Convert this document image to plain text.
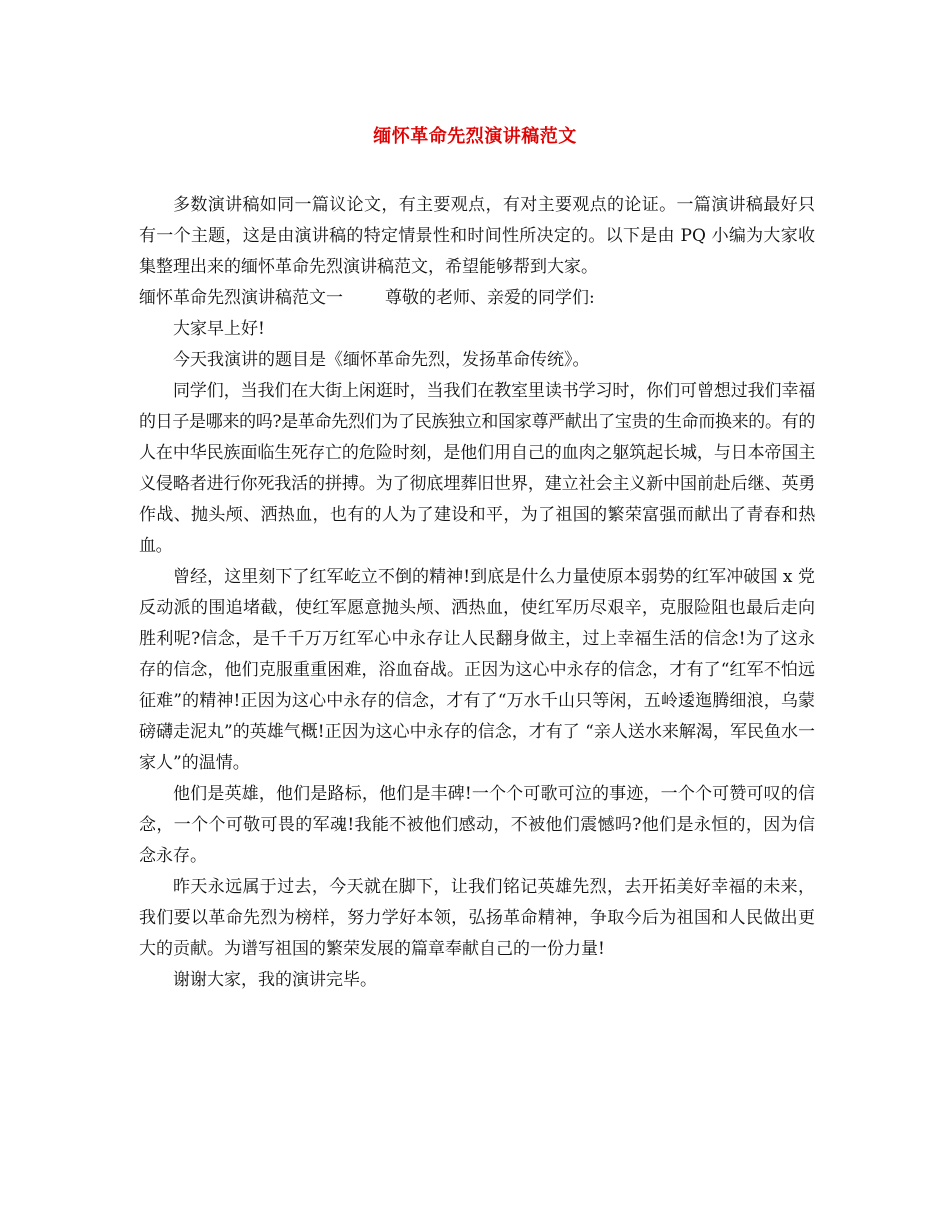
缅怀革命先烈演讲稿范文

多数演讲稿如同一篇议论文，有主要观点，有对主要观点的论证。一篇演讲稿最好只有一个主题，这是由演讲稿的特定情景性和时间性所决定的。以下是由 PQ 小编为大家收集整理出来的缅怀革命先烈演讲稿范文，希望能够帮到大家。

缅怀革命先烈演讲稿范文一 尊敬的老师、亲爱的同学们:

大家早上好!

今天我演讲的题目是《缅怀革命先烈，发扬革命传统》。

同学们，当我们在大街上闲逛时，当我们在教室里读书学习时，你们可曾想过我们幸福的日子是哪来的吗?是革命先烈们为了民族独立和国家尊严献出了宝贵的生命而换来的。有的人在中华民族面临生死存亡的危险时刻，是他们用自己的血肉之躯筑起长城，与日本帝国主义侵略者进行你死我活的拼搏。为了彻底埋葬旧世界，建立社会主义新中国前赴后继、英勇作战、抛头颅、洒热血，也有的人为了建设和平，为了祖国的繁荣富强而献出了青春和热血。

曾经，这里刻下了红军屹立不倒的精神!到底是什么力量使原本弱势的红军冲破国 x 党反动派的围追堵截，使红军愿意抛头颅、洒热血，使红军历尽艰辛，克服险阻也最后走向胜利呢?信念，是千千万万红军心中永存让人民翻身做主，过上幸福生活的信念!为了这永存的信念，他们克服重重困难，浴血奋战。正因为这心中永存的信念，才有了“红军不怕远征难”的精神!正因为这心中永存的信念，才有了“万水千山只等闲，五岭逶迤腾细浪，乌蒙磅礴走泥丸”的英雄气概!正因为这心中永存的信念，才有了 “亲人送水来解渴，军民鱼水一家人”的温情。

他们是英雄，他们是路标，他们是丰碑!一个个可歌可泣的事迹，一个个可赞可叹的信念，一个个可敬可畏的军魂!我能不被他们感动，不被他们震憾吗?他们是永恒的，因为信念永存。

昨天永远属于过去，今天就在脚下，让我们铭记英雄先烈，去开拓美好幸福的未来，我们要以革命先烈为榜样，努力学好本领，弘扬革命精神，争取今后为祖国和人民做出更大的贡献。为谱写祖国的繁荣发展的篇章奉献自己的一份力量!

谢谢大家，我的演讲完毕。
